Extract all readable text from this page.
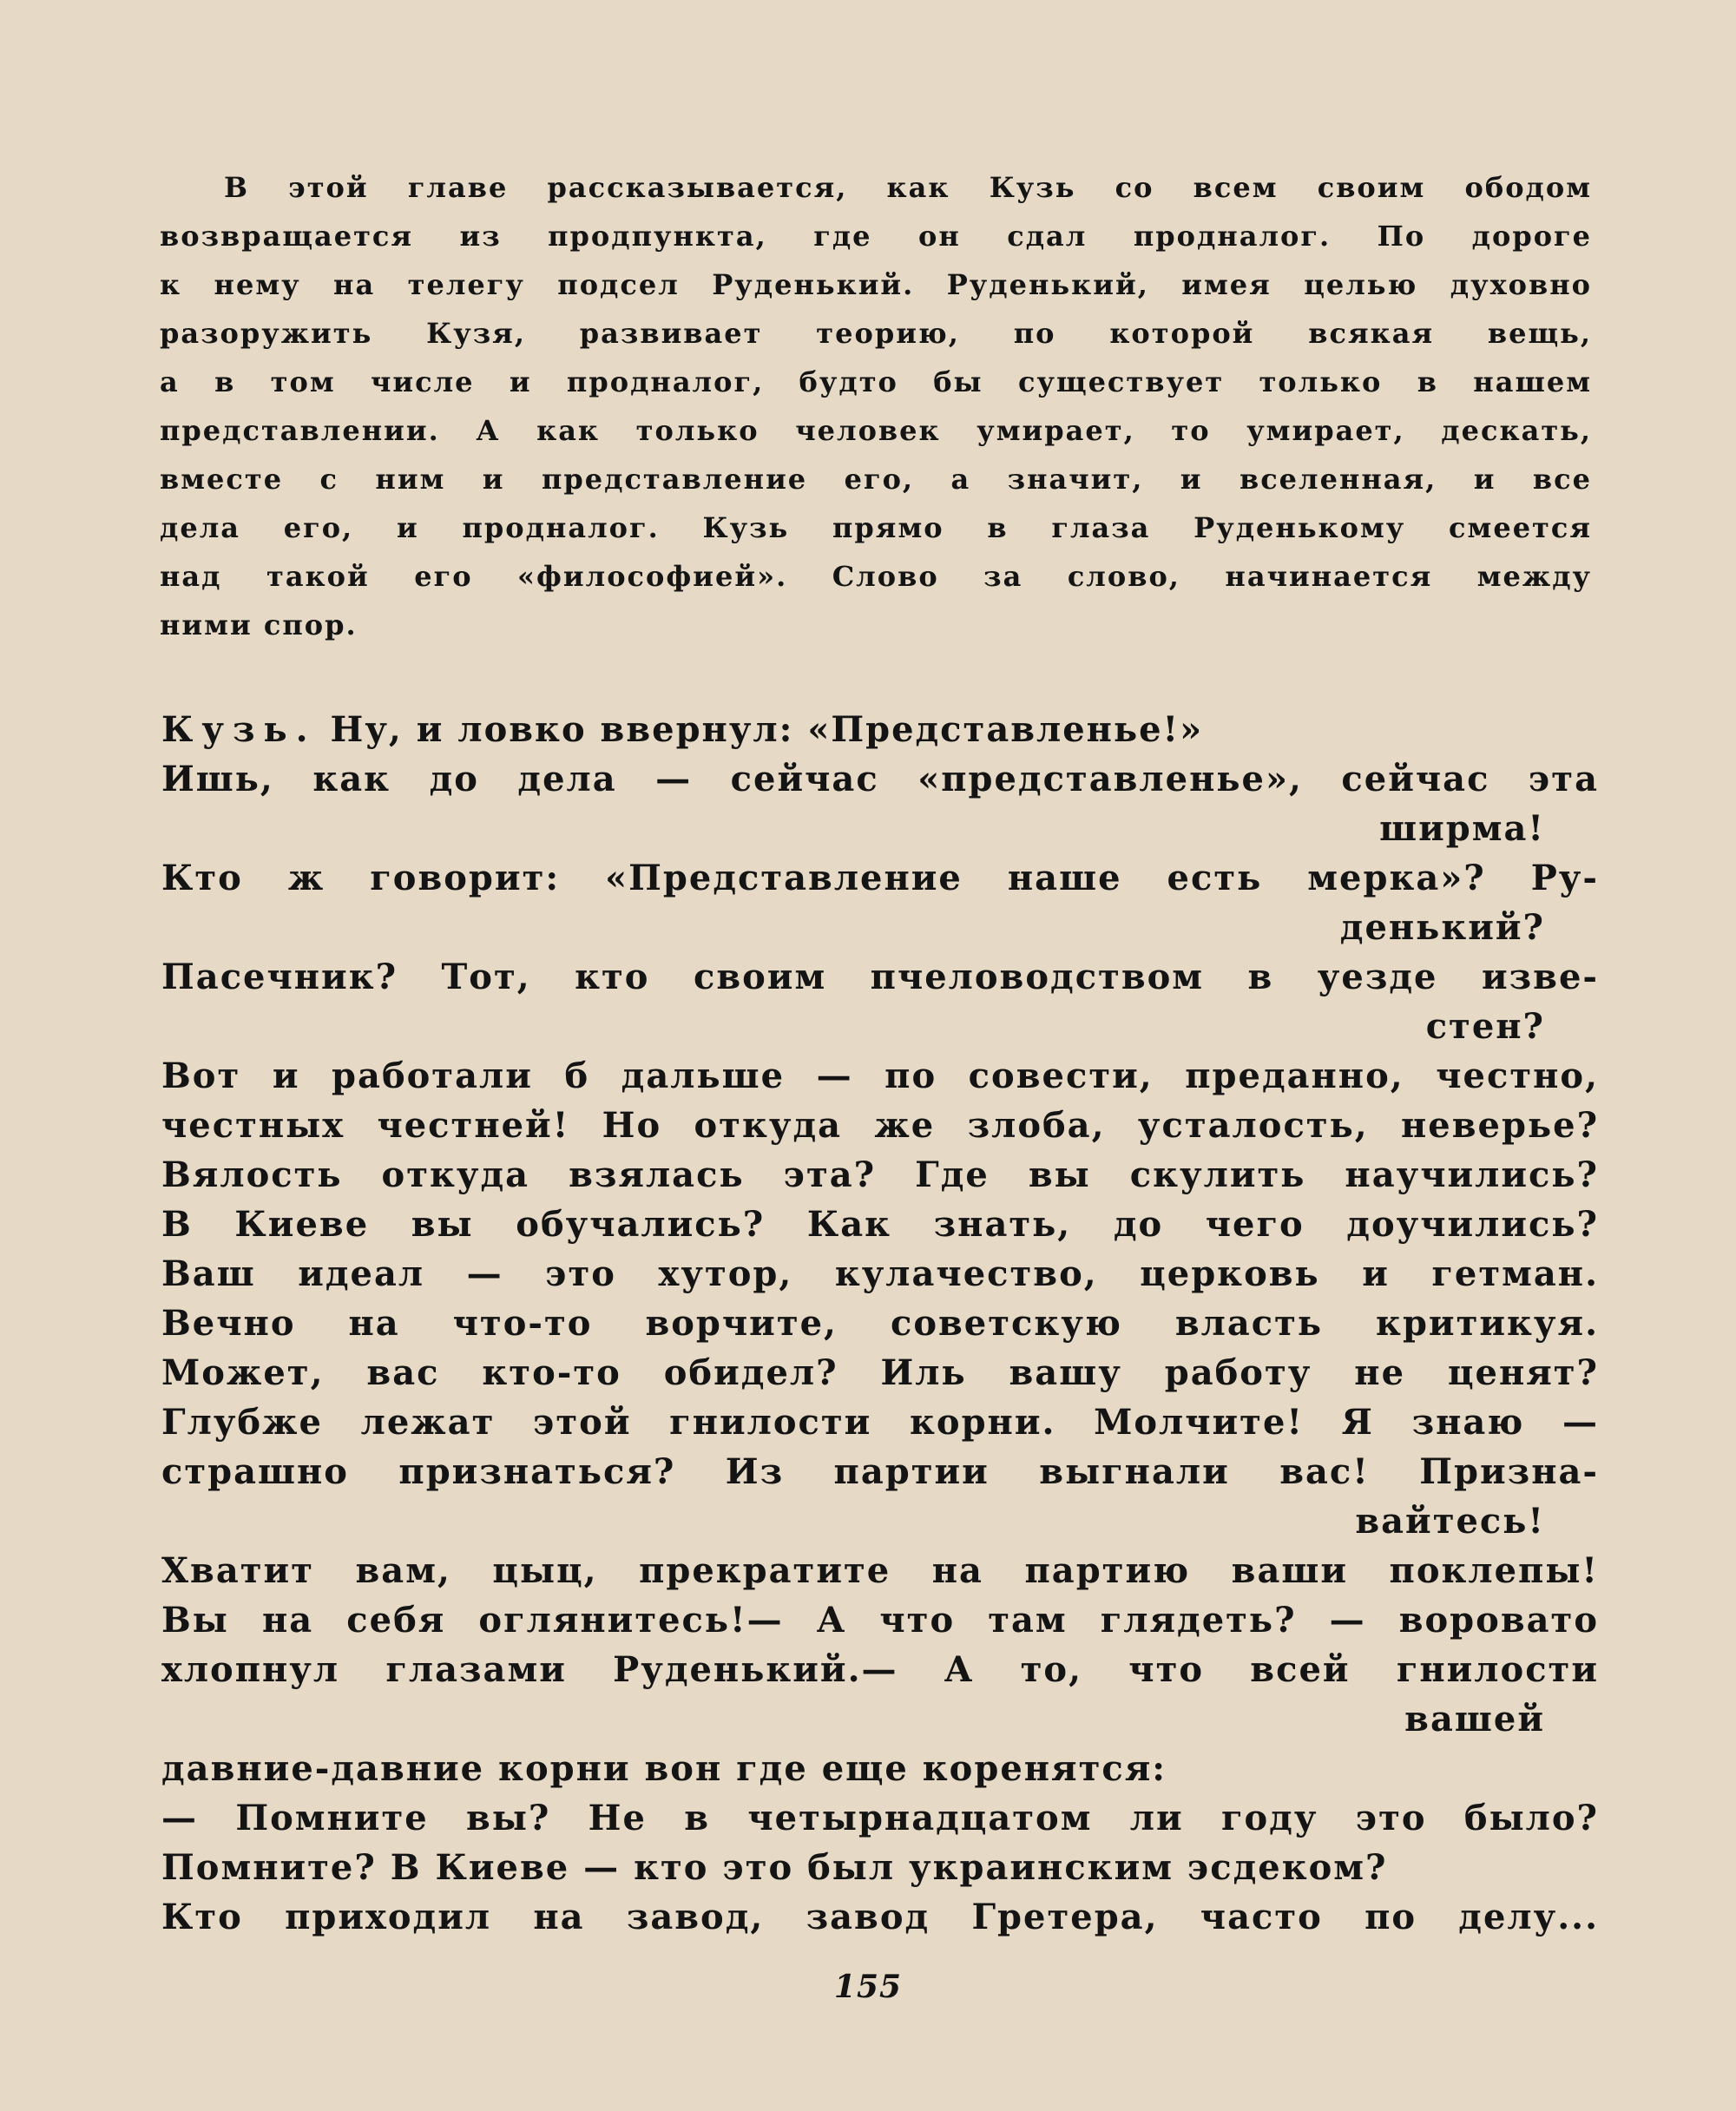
В этой главе рассказывается, как Кузь со всем своим ободом
возвращается из продпункта, где он сдал продналог. По дороге
к нему на телегу подсел Руденький. Руденький, имея целью духовно
разоружить Кузя, развивает теорию, по которой всякая вещь,
а в том числе и продналог, будто бы существует только в нашем
представлении. А как только человек умирает, то умирает, дескать,
вместе с ним и представление его, а значит, и вселенная, и все
дела его, и продналог. Кузь прямо в глаза Руденькому смеется
над такой его «философией». Слово за слово, начинается между
ними спор.
Кузь. Ну, и ловко ввернул: «Представленье!»
Ишь, как до дела — сейчас «представленье», сейчас эта
ширма!
Кто ж говорит: «Представление наше есть мерка»? Ру-
денький?
Пасечник? Тот, кто своим пчеловодством в уезде изве-
стен?
Вот и работали б дальше — по совести, преданно, честно,
честных честней! Но откуда же злоба, усталость, неверье?
Вялость откуда взялась эта? Где вы скулить научились?
В Киеве вы обучались? Как знать, до чего доучились?
Ваш идеал — это хутор, кулачество, церковь и гетман.
Вечно на что-то ворчите, советскую власть критикуя.
Может, вас кто-то обидел? Иль вашу работу не ценят?
Глубже лежат этой гнилости корни. Молчите! Я знаю —
страшно признаться? Из партии выгнали вас! Призна-
вайтесь!
Хватит вам, цыц, прекратите на партию ваши поклепы!
Вы на себя оглянитесь!— А что там глядеть? — воровато
хлопнул глазами Руденький.— А то, что всей гнилости
вашей
давние-давние корни вон где еще коренятся:
— Помните вы? Не в четырнадцатом ли году это было?
Помните? В Киеве — кто это был украинским эсдеком?
Кто приходил на завод, завод Гретера, часто по делу...
155
